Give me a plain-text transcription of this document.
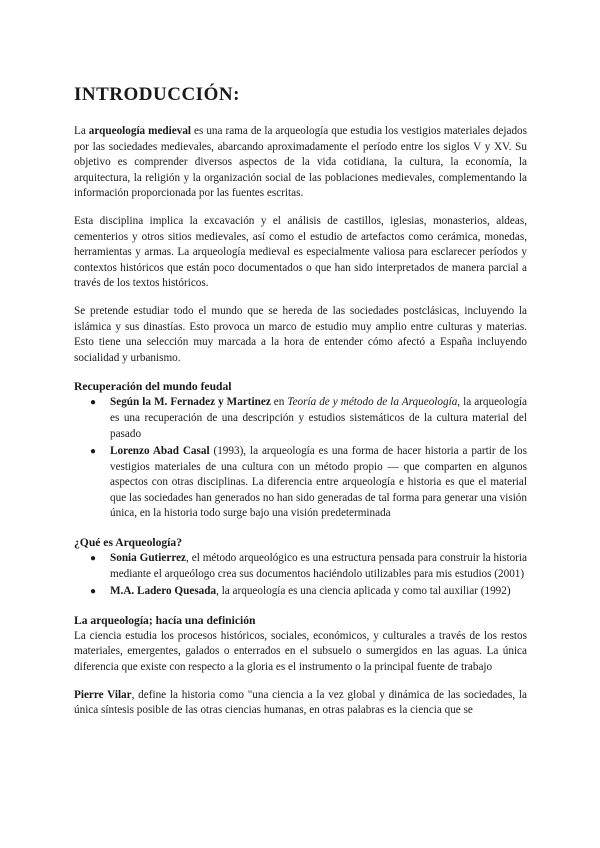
INTRODUCCIÓN:

La arqueología medieval es una rama de la arqueología que estudia los vestigios materiales dejados por las sociedades medievales, abarcando aproximadamente el período entre los siglos V y XV. Su objetivo es comprender diversos aspectos de la vida cotidiana, la cultura, la economía, la arquitectura, la religión y la organización social de las poblaciones medievales, complementando la información proporcionada por las fuentes escritas.

Esta disciplina implica la excavación y el análisis de castillos, iglesias, monasterios, aldeas, cementerios y otros sitios medievales, así como el estudio de artefactos como cerámica, monedas, herramientas y armas. La arqueología medieval es especialmente valiosa para esclarecer períodos y contextos históricos que están poco documentados o que han sido interpretados de manera parcial a través de los textos históricos.

Se pretende estudiar todo el mundo que se hereda de las sociedades postclásicas, incluyendo la islámica y sus dinastías. Esto provoca un marco de estudio muy amplio entre culturas y materias. Esto tiene una selección muy marcada a la hora de entender cómo afectó a España incluyendo socialidad y urbanismo.

Recuperación del mundo feudal
● Según la M. Fernadez y Martinez en Teoría de y método de la Arqueología, la arqueología es una recuperación de una descripción y estudios sistemáticos de la cultura material del pasado
● Lorenzo Abad Casal (1993), la arqueología es una forma de hacer historia a partir de los vestigios materiales de una cultura con un método propio — que comparten en algunos aspectos con otras disciplinas. La diferencia entre arqueología e historia es que el material que las sociedades han generados no han sido generadas de tal forma para generar una visión única, en la historia todo surge bajo una visión predeterminada
¿Qué es Arqueología?
● Sonia Gutierrez, el método arqueológico es una estructura pensada para construir la historia mediante el arqueólogo crea sus documentos haciéndolo utilizables para mis estudios (2001)
● M.A. Ladero Quesada, la arqueología es una ciencia aplicada y como tal auxiliar (1992)
La arqueología; hacía una definición

La ciencia estudia los procesos históricos, sociales, económicos, y culturales a través de los restos materiales, emergentes, galados o enterrados en el subsuelo o sumergidos en las aguas. La única diferencia que existe con respecto a la gloria es el instrumento o la principal fuente de trabajo

Pierre Vilar, define la historia como "una ciencia a la vez global y dinámica de las sociedades, la única síntesis posible de las otras ciencias humanas, en otras palabras es la ciencia que se
